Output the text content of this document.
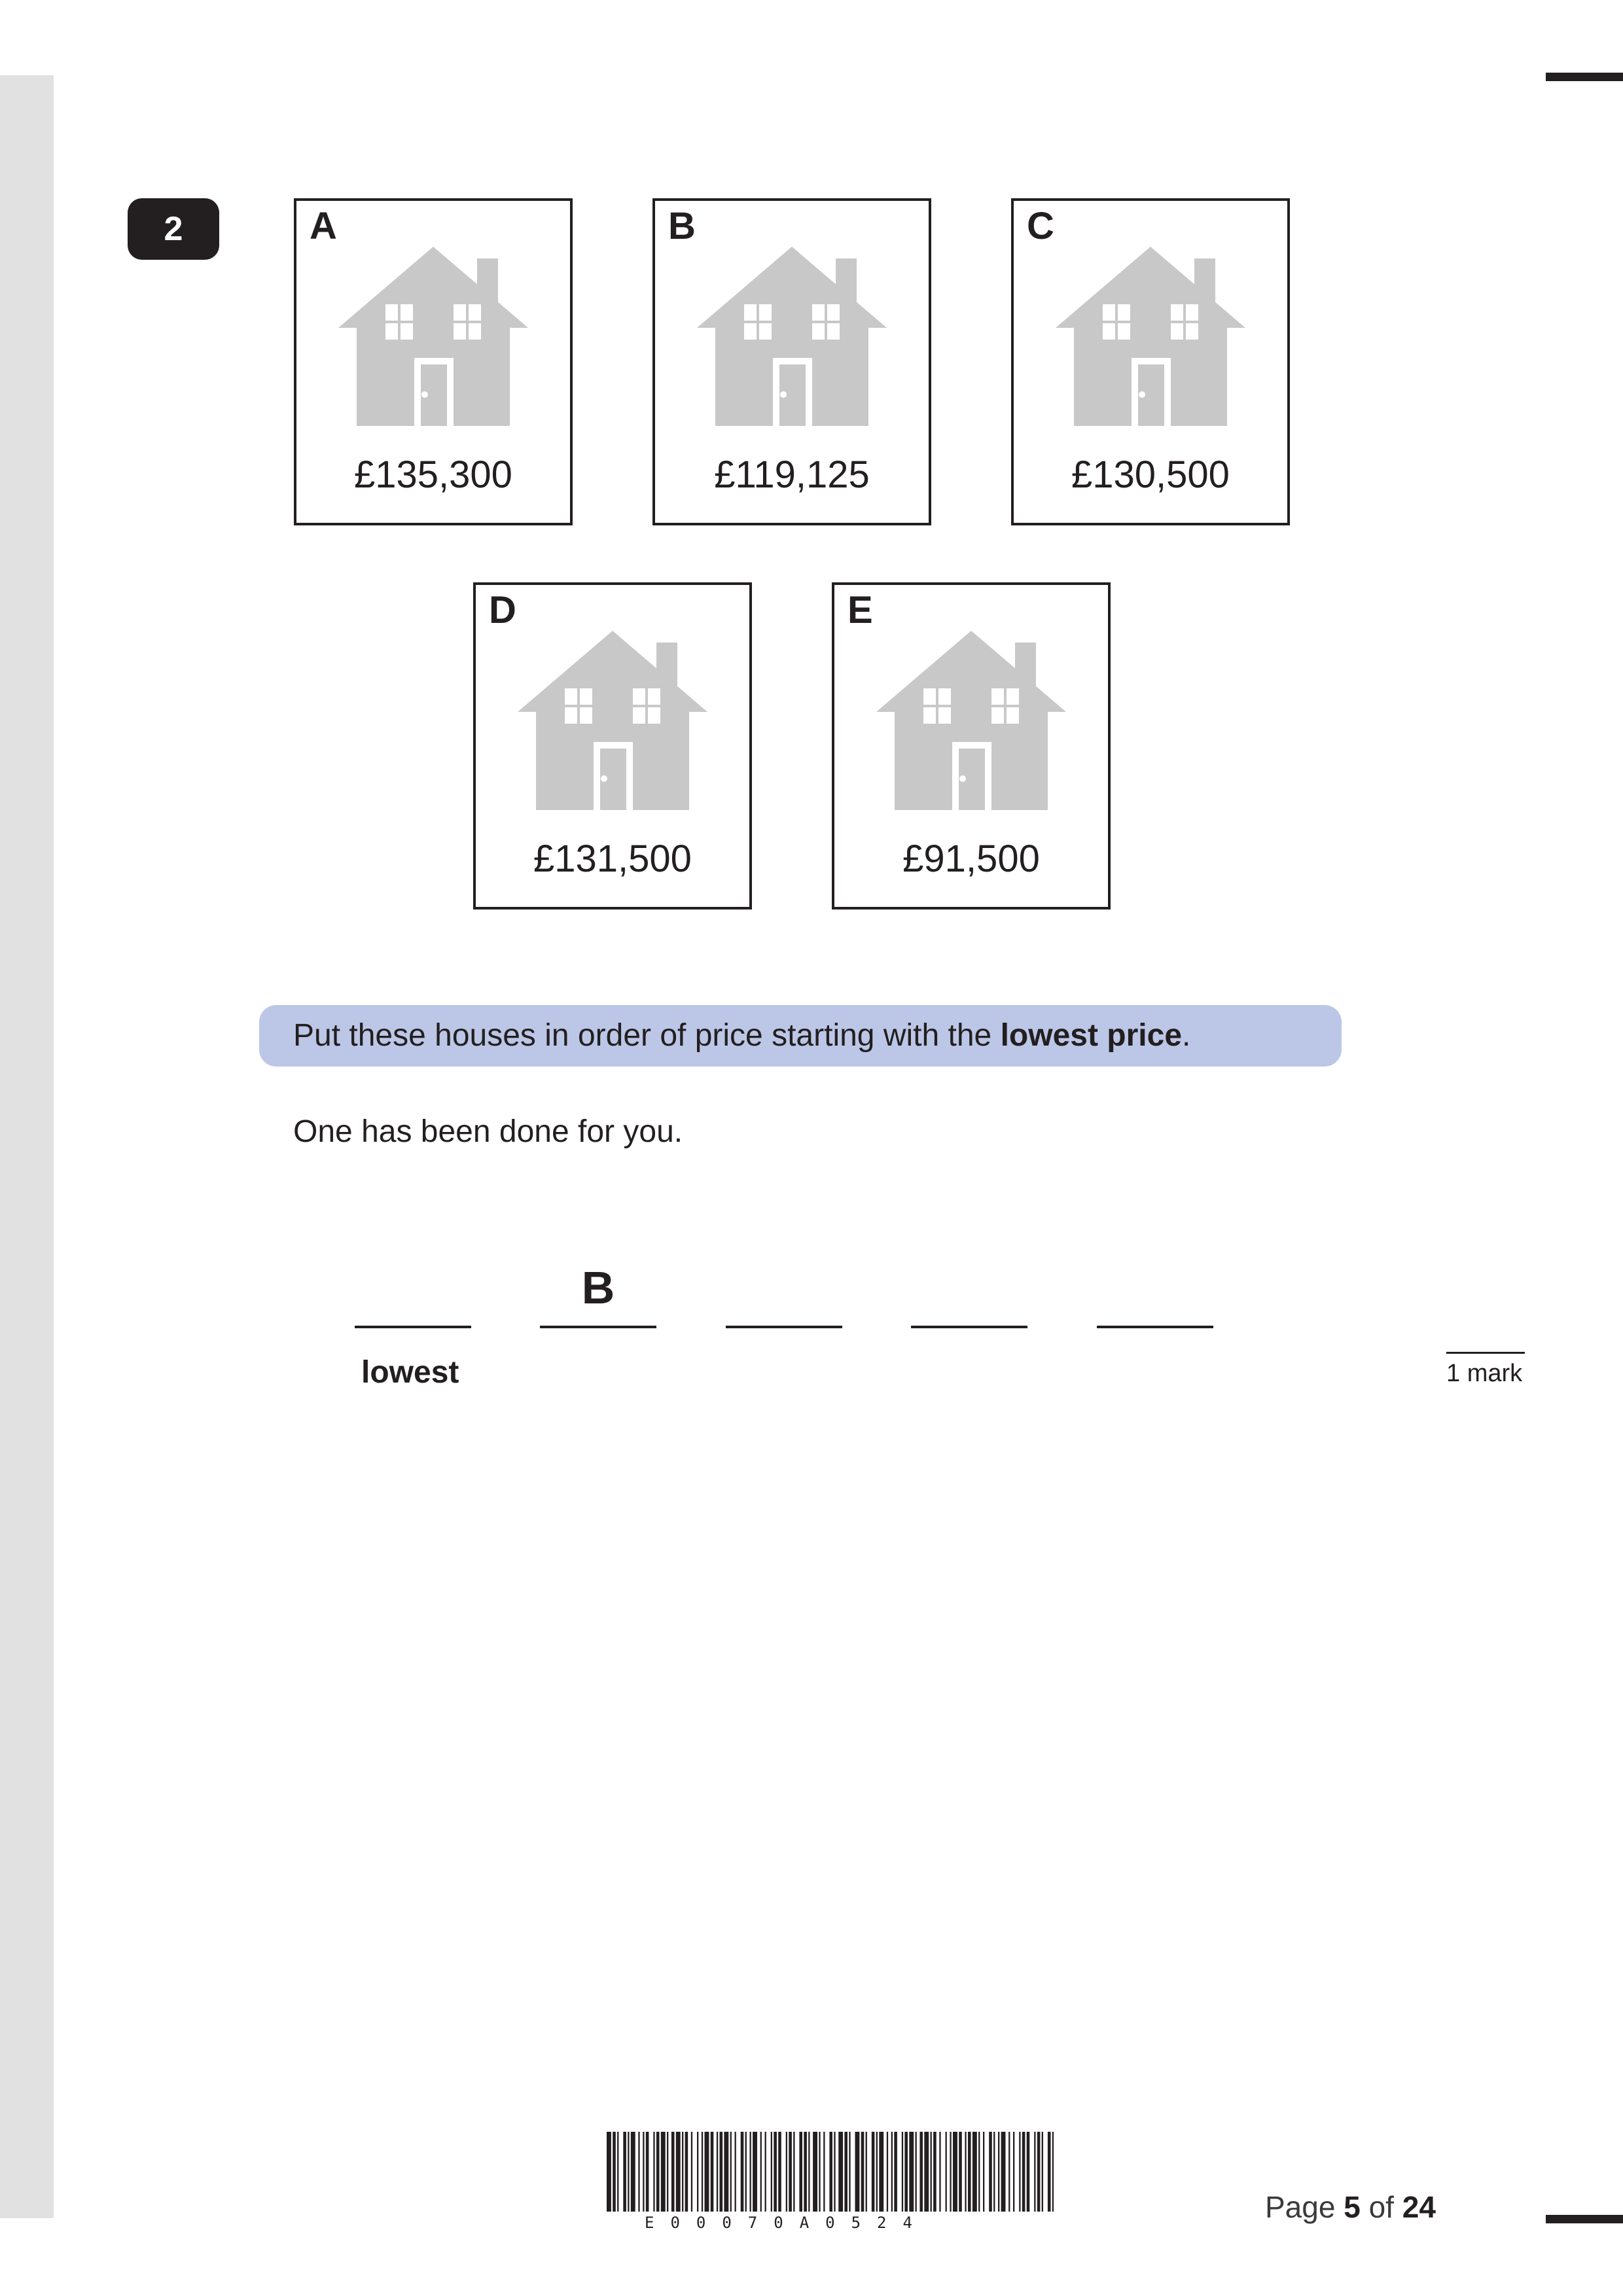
2	A
£135,300
B
£119,125
C
£130,500
D
£131,500
E
£91,500
Put these houses in order of price starting with the lowest price.
One has been done for you.
B
lowest	1 mark
E00070A0524	Page 5 of 24
